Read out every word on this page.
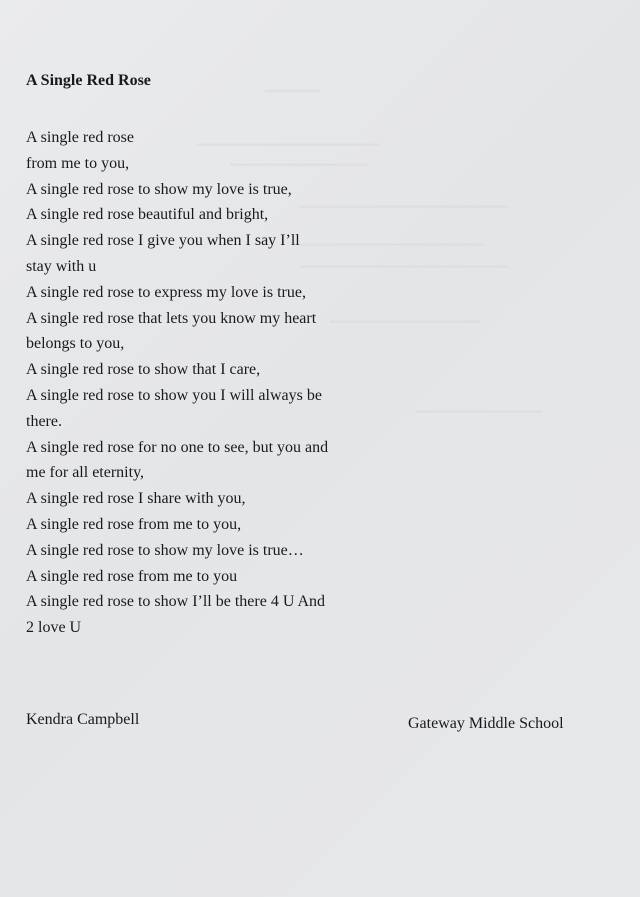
▁▁▁▁
▁▁▁▁▁▁▁▁▁▁▁▁▁▁▁▁
▁▁▁▁▁▁▁▁▁▁▁▁
▁▁▁▁▁▁▁▁▁▁▁▁▁▁▁▁▁▁
▁▁▁▁▁▁▁▁▁▁▁▁▁▁▁▁
▁▁▁▁▁▁▁▁▁▁▁▁▁▁▁▁▁▁
▁▁▁▁▁▁▁▁▁▁▁▁▁
▁▁▁▁▁▁▁▁▁▁▁
A Single Red Rose
A single red rose
from me to you,
A single red rose to show my love is true,
A single red rose beautiful and bright,
A single red rose I give you when I say I’ll
stay with u
A single red rose to express my love is true,
A single red rose that lets you know my heart
belongs to you,
A single red rose to show that I care,
A single red rose to show you I will always be
there.
A single red rose for no one to see, but you and
me for all eternity,
A single red rose I share with you,
A single red rose from me to you,
A single red rose to show my love is true…
A single red rose from me to you
A single red rose to show I’ll be there 4 U And
2 love U
Kendra Campbell	Gateway Middle School
